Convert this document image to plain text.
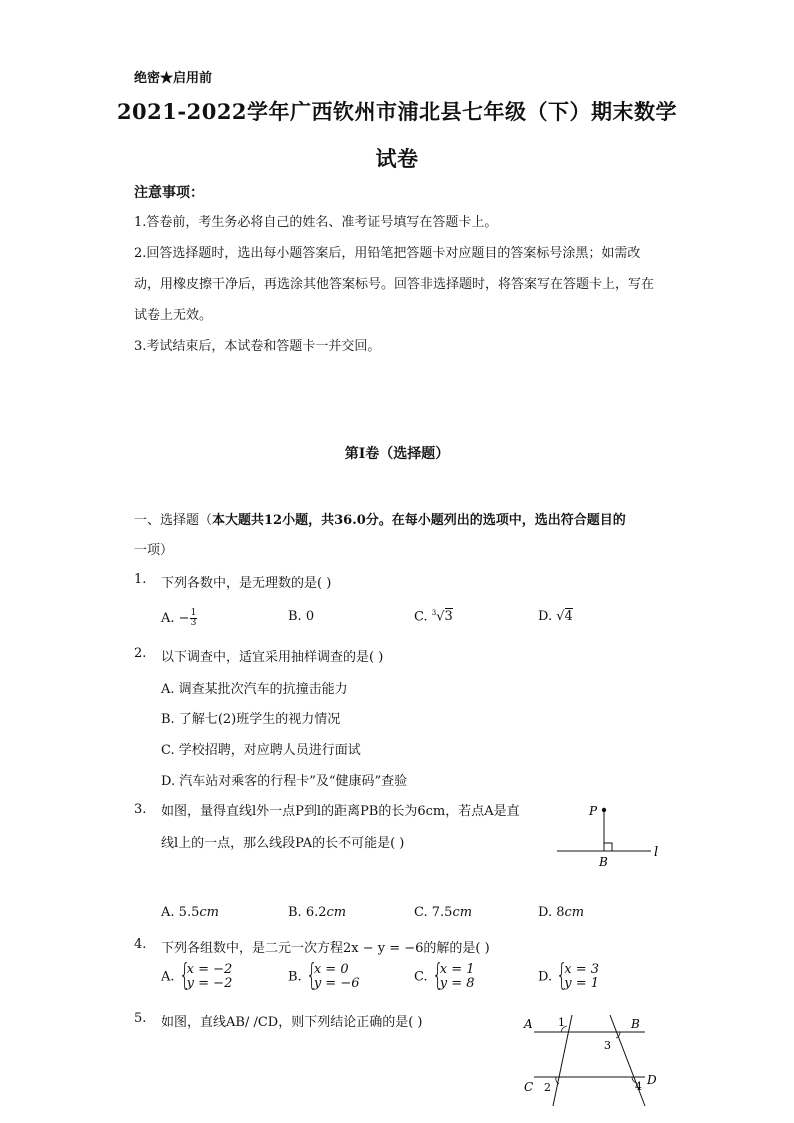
绝密★启用前
2021-2022学年广西钦州市浦北县七年级（下）期末数学
试卷
注意事项：
1.答卷前，考生务必将自己的姓名、准考证号填写在答题卡上。
2.回答选择题时，选出每小题答案后，用铅笔把答题卡对应题目的答案标号涂黑；如需改动，用橡皮擦干净后，再选涂其他答案标号。回答非选择题时，将答案写在答题卡上，写在试卷上无效。
3.考试结束后，本试卷和答题卡一并交回。
第I卷（选择题）
一、选择题（本大题共12小题，共36.0分。在每小题列出的选项中，选出符合题目的
一项）
1. 下列各数中，是无理数的是( )
A. − $\frac{1}{3}$	B. 0	C. $^3$√3	D. √4
2. 以下调查中，适宜采用抽样调查的是( )
A. 调查某批次汽车的抗撞击能力
B. 了解七(2)班学生的视力情况
C. 学校招聘，对应聘人员进行面试
D. 汽车站对乘客的行程卡”及“健康码”查验
3. 如图，量得直线l外一点P到l的距离PB的长为6cm，若点A是直
线l上的一点，那么线段PA的长不可能是( )
P
B
l
A. 5.5cm	B. 6.2cm	C. 7.5cm	D. 8cm
4. 下列各组数中，是二元一次方程2x − y = −6的解的是( )
A. {
x = −2
y = −2	B. {
x = 0
y = −6	C. {
x = 1
y = 8	D. {
x = 3
y = 1
5. 如图，直线AB/ /CD，则下列结论正确的是( )	A	B
C	D
1
2
3
4
